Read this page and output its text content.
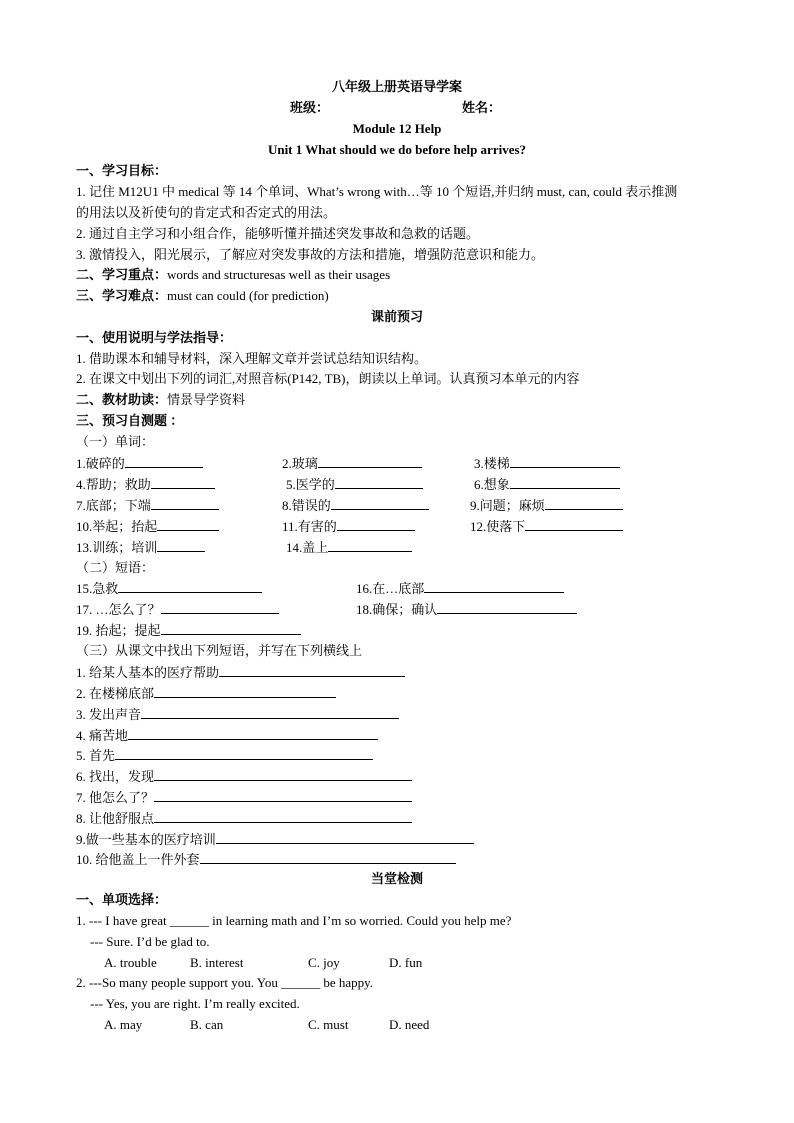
八年级上册英语导学案
班级：	姓名：
Module 12 Help
Unit 1 What should we do before help arrives?
一、学习目标：
1. 记住 M12U1 中 medical 等 14 个单词、What’s wrong with…等 10 个短语,并归纳 must, can, could 表示推测
的用法以及祈使句的肯定式和否定式的用法。
2. 通过自主学习和小组合作，能够听懂并描述突发事故和急救的话题。
3. 激情投入，阳光展示，了解应对突发事故的方法和措施，增强防范意识和能力。
二、学习重点：words and structuresas well as their usages
三、学习难点：must can could (for prediction)
课前预习
一、使用说明与学法指导：
1. 借助课本和辅导材料，深入理解文章并尝试总结知识结构。
2. 在课文中划出下列的词汇,对照音标(P142, TB)，朗读以上单词。认真预习本单元的内容
二、教材助读：情景导学资料
三、预习自测题 ：
（一）单词：
1.破碎的	2.玻璃	3.楼梯
4.帮助；救助	5.医学的	6.想象
7.底部；下端	8.错误的	9.问题；麻烦
10.举起；抬起	11.有害的	12.使落下
13.训练；培训	14.盖上
（二）短语：
15.急救	16.在…底部
17. …怎么了？	18.确保；确认
19. 抬起；提起
（三）从课文中找出下列短语，并写在下列横线上
1. 给某人基本的医疗帮助
2. 在楼梯底部
3. 发出声音
4. 痛苦地
5. 首先
6. 找出，发现
7. 他怎么了？
8. 让他舒服点
9.做一些基本的医疗培训
10. 给他盖上一件外套
当堂检测
一、单项选择：
1. --- I have great ______ in learning math and I’m so worried. Could you help me?
--- Sure. I’d be glad to.
A. trouble	B. interest	C. joy	D. fun
2. ---So many people support you. You ______ be happy.
--- Yes, you are right. I’m really excited.
A. may	B. can	C. must	D. need
